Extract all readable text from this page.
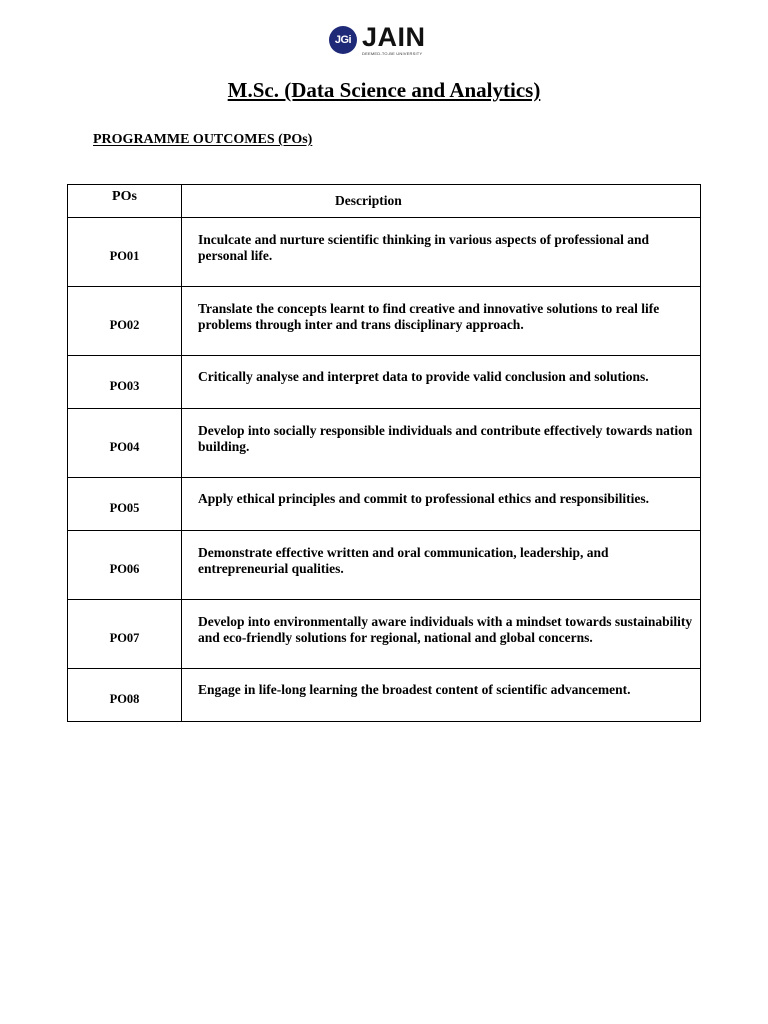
JGi JAIN
DEEMED-TO-BE UNIVERSITY
M.Sc. (Data Science and Analytics)
PROGRAMME OUTCOMES (POs)
POs	Description
PO01	Inculcate and nurture scientific thinking in various aspects of professional and personal life.

PO02	Translate the concepts learnt to find creative and innovative solutions to real life problems through inter and trans disciplinary approach.

PO03	Critically analyse and interpret data to provide valid conclusion and solutions.

PO04	Develop into socially responsible individuals and contribute effectively towards nation building.

PO05	Apply ethical principles and commit to professional ethics and responsibilities.

PO06	Demonstrate effective written and oral communication, leadership, and entrepreneurial qualities.

PO07	Develop into environmentally aware individuals with a mindset towards sustainability and eco-friendly solutions for regional, national and global concerns.

PO08	Engage in life-long learning the broadest content of scientific advancement.
